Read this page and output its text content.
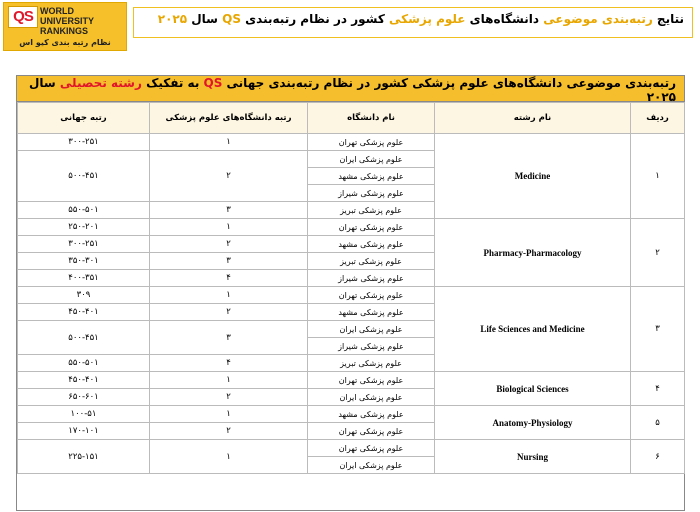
QS WORLD
UNIVERSITY
RANKINGS
نظام رتبه بندی کیو اس
نتایج رتبه‌بندی موضوعی دانشگاه‌های علوم پزشکی کشور در نظام رتبه‌بندی QS سال ۲۰۲۵
رتبه‌بندی موضوعی دانشگاه‌های علوم پزشکی کشور در نظام رتبه‌بندی جهانی QS به تفکیک رشته تحصیلی سال ۲۰۲۵
ردیف	نام رشته	نام دانشگاه	رتبه دانشگاه‌های علوم پزشکی	رتبه جهانی
۱	Medicine	علوم پزشکی تهران	۱	۳۰۰-۲۵۱
		علوم پزشکی ایران	۲	۵۰۰-۴۵۱
		علوم پزشکی مشهد		
		علوم پزشکی شیراز		
		علوم پزشکی تبریز	۳	۵۵۰-۵۰۱
۲	Pharmacy-Pharmacology	علوم پزشکی تهران	۱	۲۵۰-۲۰۱
		علوم پزشکی مشهد	۲	۳۰۰-۲۵۱
		علوم پزشکی تبریز	۳	۳۵۰-۳۰۱
		علوم پزشکی شیراز	۴	۴۰۰-۳۵۱
۳	Life Sciences and Medicine	علوم پزشکی تهران	۱	۳۰۹
		علوم پزشکی مشهد	۲	۴۵۰-۴۰۱
		علوم پزشکی ایران	۳	۵۰۰-۴۵۱
		علوم پزشکی شیراز		
		علوم پزشکی تبریز	۴	۵۵۰-۵۰۱
۴	Biological Sciences	علوم پزشکی تهران	۱	۴۵۰-۴۰۱
		علوم پزشکی ایران	۲	۶۵۰-۶۰۱
۵	Anatomy-Physiology	علوم پزشکی مشهد	۱	۱۰۰-۵۱
		علوم پزشکی تهران	۲	۱۷۰-۱۰۱
۶	Nursing	علوم پزشکی تهران	۱	۲۲۵-۱۵۱
		علوم پزشکی ایران		
